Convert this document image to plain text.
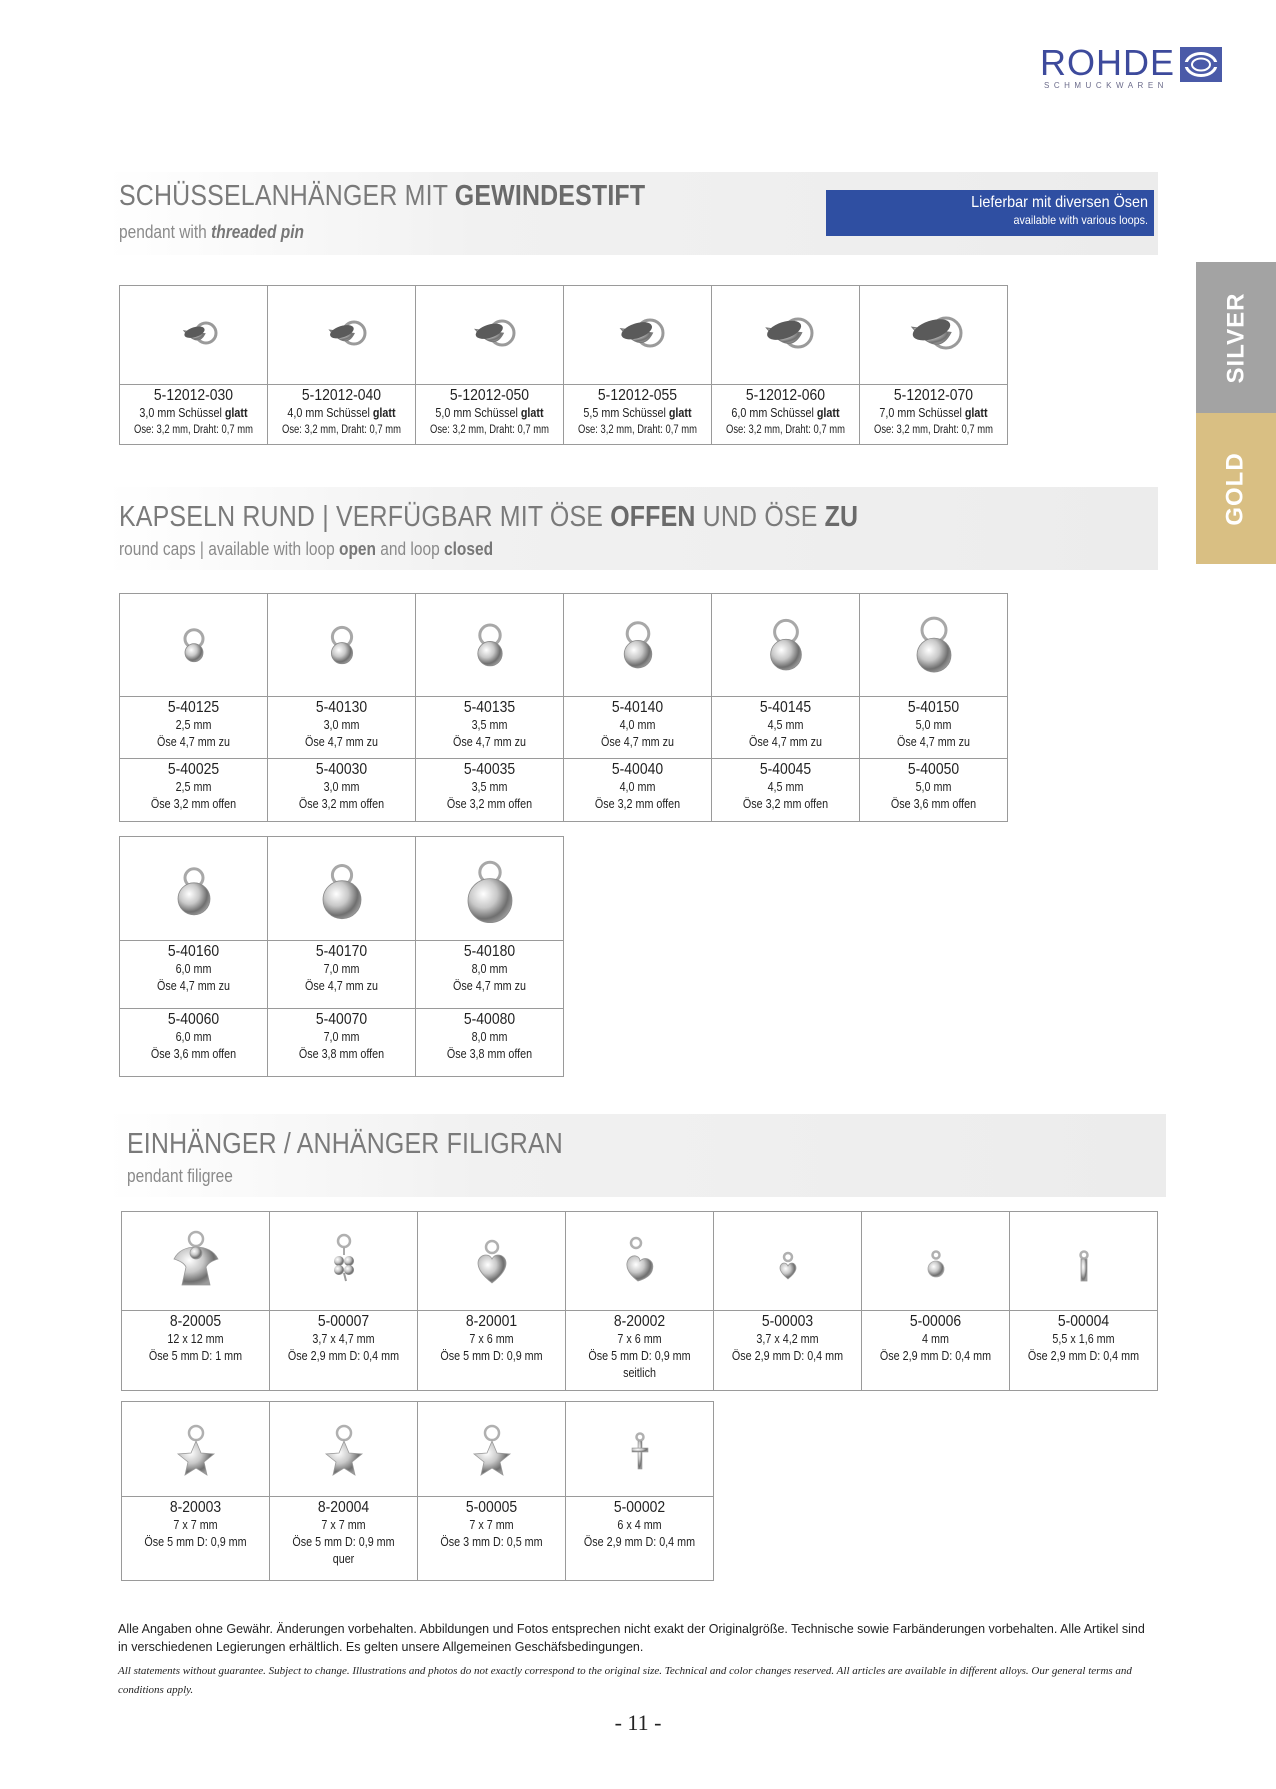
ROHDE
SCHMUCKWAREN
SILVER
GOLD
SCHÜSSELANHÄNGER MIT GEWINDESTIFT
pendant with threaded pin
Lieferbar mit diversen Ösen
available with various loops.
5-12012-030
3,0 mm Schüssel glatt
Öse: 3,2 mm, Draht: 0,7 mm
5-12012-040
4,0 mm Schüssel glatt
Öse: 3,2 mm, Draht: 0,7 mm
5-12012-050
5,0 mm Schüssel glatt
Öse: 3,2 mm, Draht: 0,7 mm
5-12012-055
5,5 mm Schüssel glatt
Öse: 3,2 mm, Draht: 0,7 mm
5-12012-060
6,0 mm Schüssel glatt
Öse: 3,2 mm, Draht: 0,7 mm
5-12012-070
7,0 mm Schüssel glatt
Öse: 3,2 mm, Draht: 0,7 mm
KAPSELN RUND | VERFÜGBAR MIT ÖSE OFFEN UND ÖSE ZU
round caps | available with loop open and loop closed
5-40125
2,5 mm
Öse 4,7 mm zu
5-40130
3,0 mm
Öse 4,7 mm zu
5-40135
3,5 mm
Öse 4,7 mm zu
5-40140
4,0 mm
Öse 4,7 mm zu
5-40145
4,5 mm
Öse 4,7 mm zu
5-40150
5,0 mm
Öse 4,7 mm zu
5-40025
2,5 mm
Öse 3,2 mm offen
5-40030
3,0 mm
Öse 3,2 mm offen
5-40035
3,5 mm
Öse 3,2 mm offen
5-40040
4,0 mm
Öse 3,2 mm offen
5-40045
4,5 mm
Öse 3,2 mm offen
5-40050
5,0 mm
Öse 3,6 mm offen
5-40160
6,0 mm
Öse 4,7 mm zu
5-40170
7,0 mm
Öse 4,7 mm zu
5-40180
8,0 mm
Öse 4,7 mm zu
5-40060
6,0 mm
Öse 3,6 mm offen
5-40070
7,0 mm
Öse 3,8 mm offen
5-40080
8,0 mm
Öse 3,8 mm offen
EINHÄNGER / ANHÄNGER FILIGRAN
pendant filigree
8-20005
12 x 12 mm
Öse 5 mm D: 1 mm
5-00007
3,7 x 4,7 mm
Öse 2,9 mm D: 0,4 mm
8-20001
7 x 6 mm
Öse 5 mm D: 0,9 mm
8-20002
7 x 6 mm
Öse 5 mm D: 0,9 mm
seitlich
5-00003
3,7 x 4,2 mm
Öse 2,9 mm D: 0,4 mm
5-00006
4 mm
Öse 2,9 mm D: 0,4 mm
5-00004
5,5 x 1,6 mm
Öse 2,9 mm D: 0,4 mm
8-20003
7 x 7 mm
Öse 5 mm D: 0,9 mm
8-20004
7 x 7 mm
Öse 5 mm D: 0,9 mm
quer
5-00005
7 x 7 mm
Öse 3 mm D: 0,5 mm
5-00002
6 x 4 mm
Öse 2,9 mm D: 0,4 mm
Alle Angaben ohne Gewähr. Änderungen vorbehalten. Abbildungen und Fotos entsprechen nicht exakt der Originalgröße. Technische sowie Farbänderungen vorbehalten. Alle Artikel sind in verschiedenen Legierungen erhältlich. Es gelten unsere Allgemeinen Geschäfsbedingungen.
All statements without guarantee. Subject to change. Illustrations and photos do not exactly correspond to the original size. Technical and color changes reserved. All articles are available in different alloys. Our general terms and conditions apply.
- 11 -
